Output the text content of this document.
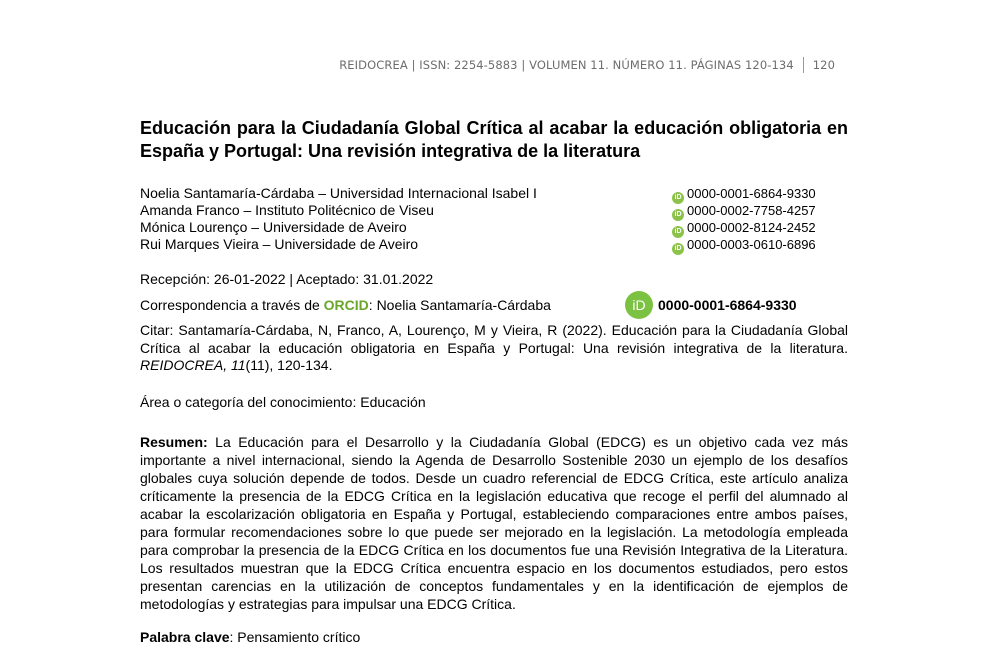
REIDOCREA | ISSN: 2254-5883 | VOLUMEN 11. NÚMERO 11. PÁGINAS 120-134 120
Educación para la Ciudadanía Global Crítica al acabar la educación obligatoria en España y Portugal: Una revisión integrativa de la literatura
Noelia Santamaría-Cárdaba – Universidad Internacional Isabel I	iD 0000-0001-6864-9330
Amanda Franco – Instituto Politécnico de Viseu	iD 0000-0002-7758-4257
Mónica Lourenço – Universidade de Aveiro	iD 0000-0002-8124-2452
Rui Marques Vieira – Universidade de Aveiro	iD 0000-0003-0610-6896
Recepción: 26-01-2022 | Aceptado: 31.01.2022
Correspondencia a través de ORCID: Noelia Santamaría-Cárdaba	iD 0000-0001-6864-9330
Citar: Santamaría-Cárdaba, N, Franco, A, Lourenço, M y Vieira, R (2022). Educación para la Ciudadanía Global Crítica al acabar la educación obligatoria en España y Portugal: Una revisión integrativa de la literatura. REIDOCREA, 11(11), 120-134.
Área o categoría del conocimiento: Educación
Resumen: La Educación para el Desarrollo y la Ciudadanía Global (EDCG) es un objetivo cada vez más importante a nivel internacional, siendo la Agenda de Desarrollo Sostenible 2030 un ejemplo de los desafíos globales cuya solución depende de todos. Desde un cuadro referencial de EDCG Crítica, este artículo analiza críticamente la presencia de la EDCG Crítica en la legislación educativa que recoge el perfil del alumnado al acabar la escolarización obligatoria en España y Portugal, estableciendo comparaciones entre ambos países, para formular recomendaciones sobre lo que puede ser mejorado en la legislación. La metodología empleada para comprobar la presencia de la EDCG Crítica en los documentos fue una Revisión Integrativa de la Literatura. Los resultados muestran que la EDCG Crítica encuentra espacio en los documentos estudiados, pero estos presentan carencias en la utilización de conceptos fundamentales y en la identificación de ejemplos de metodologías y estrategias para impulsar una EDCG Crítica.
Palabra clave: Pensamiento crítico
